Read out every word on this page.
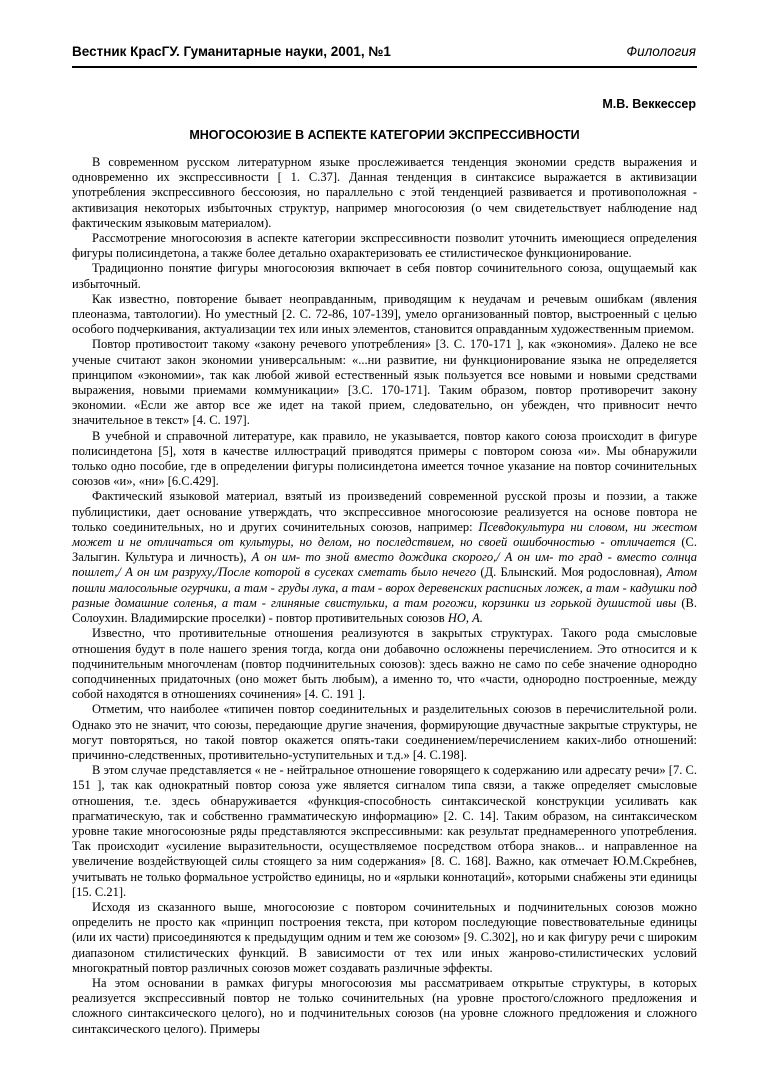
Вестник КрасГУ. Гуманитарные науки, 2001, №1	Филология
М.В. Веккессер
МНОГОСОЮЗИЕ В АСПЕКТЕ КАТЕГОРИИ ЭКСПРЕССИВНОСТИ

В современном русском литературном языке прослеживается тенденция экономии средств выражения и одновременно их экспрессивности [ 1. С.37]. Данная тенденция в синтаксисе выражается в активизации употребления экспрессивного бессоюзия, но параллельно с этой тенденцией развивается и противоположная - активизация некоторых избыточных структур, например многосоюзия (о чем свидетельствует наблюдение над фактическим языковым материалом).

Рассмотрение многосоюзия в аспекте категории экспрессивности позволит уточнить имеющиеся определения фигуры полисиндетона, а также более детально охарактеризовать ее стилистическое функционирование.

Традиционно понятие фигуры многосоюзия вкпючает в себя повтор сочинительного союза, ощущаемый как избыточный.

Как известно, повторение бывает неоправданным, приводящим к неудачам и речевым ошибкам (явления плеоназма, тавтологии). Но уместный [2. С. 72-86, 107-139], умело организованный повтор, выстроенный с целью особого подчеркивания, актуализации тех или иных элементов, становится оправданным художественным приемом.

Повтор противостоит такому «закону речевого употребления» [3. С. 170-171 ], как «экономия». Далеко не все ученые считают закон экономии универсальным: «...ни развитие, ни функционирование языка не определяется принципом «экономии», так как любой живой естественный язык пользуется все новыми и новыми средствами выражения, новыми приемами коммуникации» [3.С. 170-171]. Таким образом, повтор противоречит закону экономии. «Если же автор все же идет на такой прием, следовательно, он убежден, что привносит нечто значительное в текст» [4. С. 197].

В учебной и справочной литературе, как правило, не указывается, повтор какого союза происходит в фигуре полисиндетона [5], хотя в качестве иллюстраций приводятся примеры с повтором союза «и». Мы обнаружили только одно пособие, где в определении фигуры полисиндетона имеется точное указание на повтор сочинительных союзов «и», «ни» [6.С.429].

Фактический языковой материал, взятый из произведений современной русской прозы и поэзии, а также публицистики, дает основание утверждать, что экспрессивное многосоюзие реализуется на основе повтора не только соединительных, но и других сочинительных союзов, например: Псевдокультура ни словом, ни жестом может и не отличаться от культуры, но делом, но последствием, но своей ошибочностью - отличается (С. Залыгин. Культура и личность), А он им- то зной вместо дождика скорого,/ А он им- то град - вместо солнца пошлет,/ А он им разруху,/После которой в сусеках сметать было нечего (Д. Блынский. Моя родословная), Атом пошли малосольные огурчики, а там - груды лука, а там - ворох деревенских расписных ложек, а там - кадушки под разные домашние соленья, а там - глиняные свистульки, а там рогожи, корзинки из горькой душистой ивы (В. Солоухин. Владимирские проселки) - повтор противительных союзов НО, А.

Известно, что противительные отношения реализуются в закрытых структурах. Такого рода смысловые отношения будут в поле нашего зрения тогда, когда они добавочно осложнены перечислением. Это относится и к подчинительным многочленам (повтор подчинительных союзов): здесь важно не само по себе значение однородно соподчиненных придаточных (оно может быть любым), а именно то, что «части, однородно построенные, между собой находятся в отношениях сочинения» [4. С. 191 ].

Отметим, что наиболее «типичен повтор соединительных и разделительных союзов в перечислительной роли. Однако это не значит, что союзы, передающие другие значения, формирующие двучастные закрытые структуры, не могут повторяться, но такой повтор окажется опять-таки соединением/перечислением каких-либо отношений: причинно-следственных, противительно-уступительных и т.д.» [4. С.198].

В этом случае представляется « не - нейтральное отношение говорящего к содержанию или адресату речи» [7. С. 151 ], так как однократный повтор союза уже является сигналом типа связи, а также определяет смысловые отношения, т.е. здесь обнаруживается «функция-способность синтаксической конструкции усиливать как прагматическую, так и собственно грамматическую информацию» [2. С. 14]. Таким образом, на синтаксическом уровне такие многосоюзные ряды представляются экспрессивными: как результат преднамеренного употребления. Так происходит «усиление выразительности, осуществляемое посредством отбора знаков... и направленное на увеличение воздействующей силы стоящего за ним содержания» [8. С. 168]. Важно, как отмечает Ю.М.Скребнев, учитывать не только формальное устройство единицы, но и «ярлыки коннотаций», которыми снабжены эти единицы [15. С.21].

Исходя из сказанного выше, многосоюзие с повтором сочинительных и подчинительных союзов можно определить не просто как «принцип построения текста, при котором последующие повествовательные единицы (или их части) присоединяются к предыдущим одним и тем же союзом» [9. С.302], но и как фигуру речи с широким диапазоном стилистических функций. В зависимости от тех или иных жанрово-стилистических условий многократный повтор различных союзов может создавать различные эффекты.

На этом основании в рамках фигуры многосоюзия мы рассматриваем открытые структуры, в которых реализуется экспрессивный повтор не только сочинительных (на уровне простого/сложного предложения и сложного синтаксического целого), но и подчинительных союзов (на уровне сложного предложения и сложного синтаксического целого). Примеры
